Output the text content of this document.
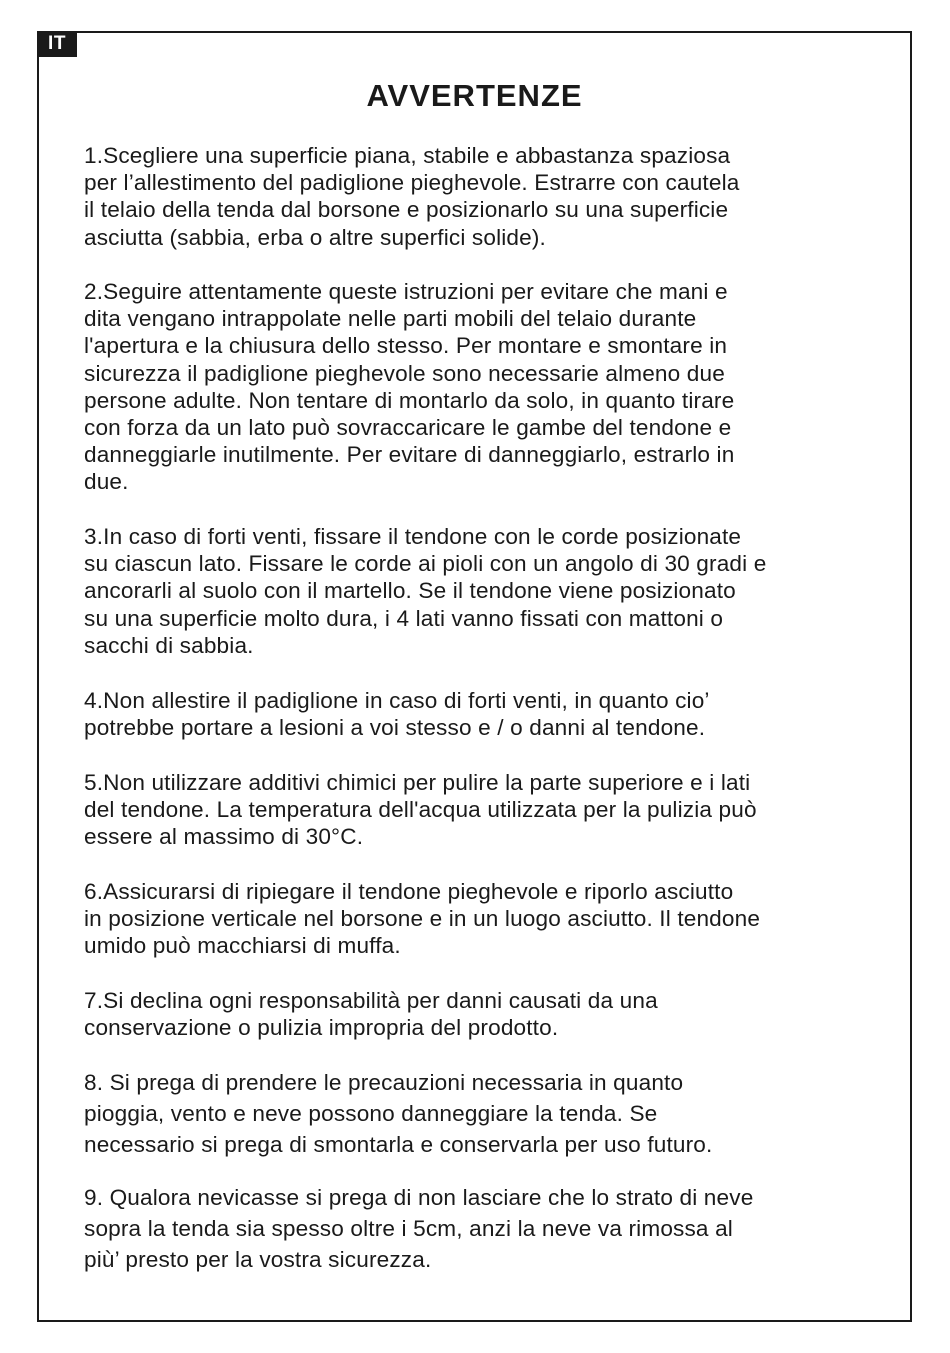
IT
AVVERTENZE
1.Scegliere una superficie piana, stabile e abbastanza spaziosa
per l’allestimento del padiglione pieghevole. Estrarre con cautela
il telaio della tenda dal borsone e posizionarlo su una superficie
asciutta (sabbia, erba o altre superfici solide).
2.Seguire attentamente queste istruzioni per evitare che mani e
dita vengano intrappolate nelle parti mobili del telaio durante
l'apertura e la chiusura dello stesso. Per montare e smontare in
sicurezza il padiglione pieghevole sono necessarie almeno due
persone adulte. Non tentare di montarlo da solo, in quanto tirare
con forza da un lato può sovraccaricare le gambe del tendone e
danneggiarle inutilmente. Per evitare di danneggiarlo, estrarlo in
due.
3.In caso di forti venti, fissare il tendone con le corde posizionate
su ciascun lato. Fissare le corde ai pioli con un angolo di 30 gradi e
ancorarli al suolo con il martello. Se il tendone viene posizionato
su una superficie molto dura, i 4 lati vanno fissati con mattoni o
sacchi di sabbia.
4.Non allestire il padiglione in caso di forti venti, in quanto cio’
potrebbe portare a lesioni a voi stesso e / o danni al tendone.
5.Non utilizzare additivi chimici per pulire la parte superiore e i lati
del tendone. La temperatura dell'acqua utilizzata per la pulizia può
essere al massimo di 30°C.
6.Assicurarsi di ripiegare il tendone pieghevole e riporlo asciutto
in posizione verticale nel borsone e in un luogo asciutto. Il tendone
umido può macchiarsi di muffa.
7.Si declina ogni responsabilità per danni causati da una
conservazione o pulizia impropria del prodotto.
8. Si prega di prendere le precauzioni necessaria in quanto
pioggia, vento e neve possono danneggiare la tenda. Se
necessario si prega di smontarla e conservarla per uso futuro.
9. Qualora nevicasse si prega di non lasciare che lo strato di neve
sopra la tenda sia spesso oltre i 5cm, anzi la neve va rimossa al
più’ presto per la vostra sicurezza.
